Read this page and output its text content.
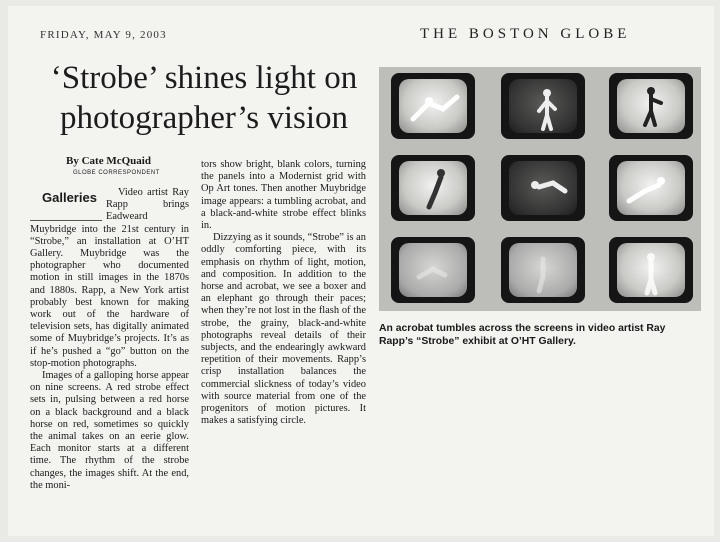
FRIDAY, MAY 9, 2003	THE BOSTON GLOBE
‘Strobe’ shines light on photographer’s vision
By Cate McQuaid
GLOBE CORRESPONDENT

Galleries	Video artist Ray Rapp brings Eadweard Muybridge into the 21st century in “Strobe,” an installation at O’HT Gallery. Muybridge was the photographer who documented motion in still images in the 1870s and 1880s. Rapp, a New York artist probably best known for making work out of the hardware of television sets, has digitally animated some of Muybridge’s projects. It’s as if he’s pushed a “go” button on the stop-motion photographs.

Images of a galloping horse appear on nine screens. A red strobe effect sets in, pulsing between a red horse on a black background and a black horse on red, sometimes so quickly the animal takes on an eerie glow. Each monitor starts at a different time. The rhythm of the strobe changes, the images shift. At the end, the moni-

tors show bright, blank colors, turning the panels into a Modernist grid with Op Art tones. Then another Muybridge image appears: a tumbling acrobat, and a black-and-white strobe effect blinks in.

Dizzying as it sounds, “Strobe” is an oddly comforting piece, with its emphasis on rhythm of light, motion, and composition. In addition to the horse and acrobat, we see a boxer and an elephant go through their paces; when they’re not lost in the flash of the strobe, the grainy, black-and-white photographs reveal details of their subjects, and the endearingly awkward repetition of their movements. Rapp’s crisp installation balances the commercial slickness of today’s video with source material from one of the progenitors of motion pictures. It makes a satisfying circle.

An acrobat tumbles across the screens in video artist Ray Rapp’s “Strobe” exhibit at O’HT Gallery.
